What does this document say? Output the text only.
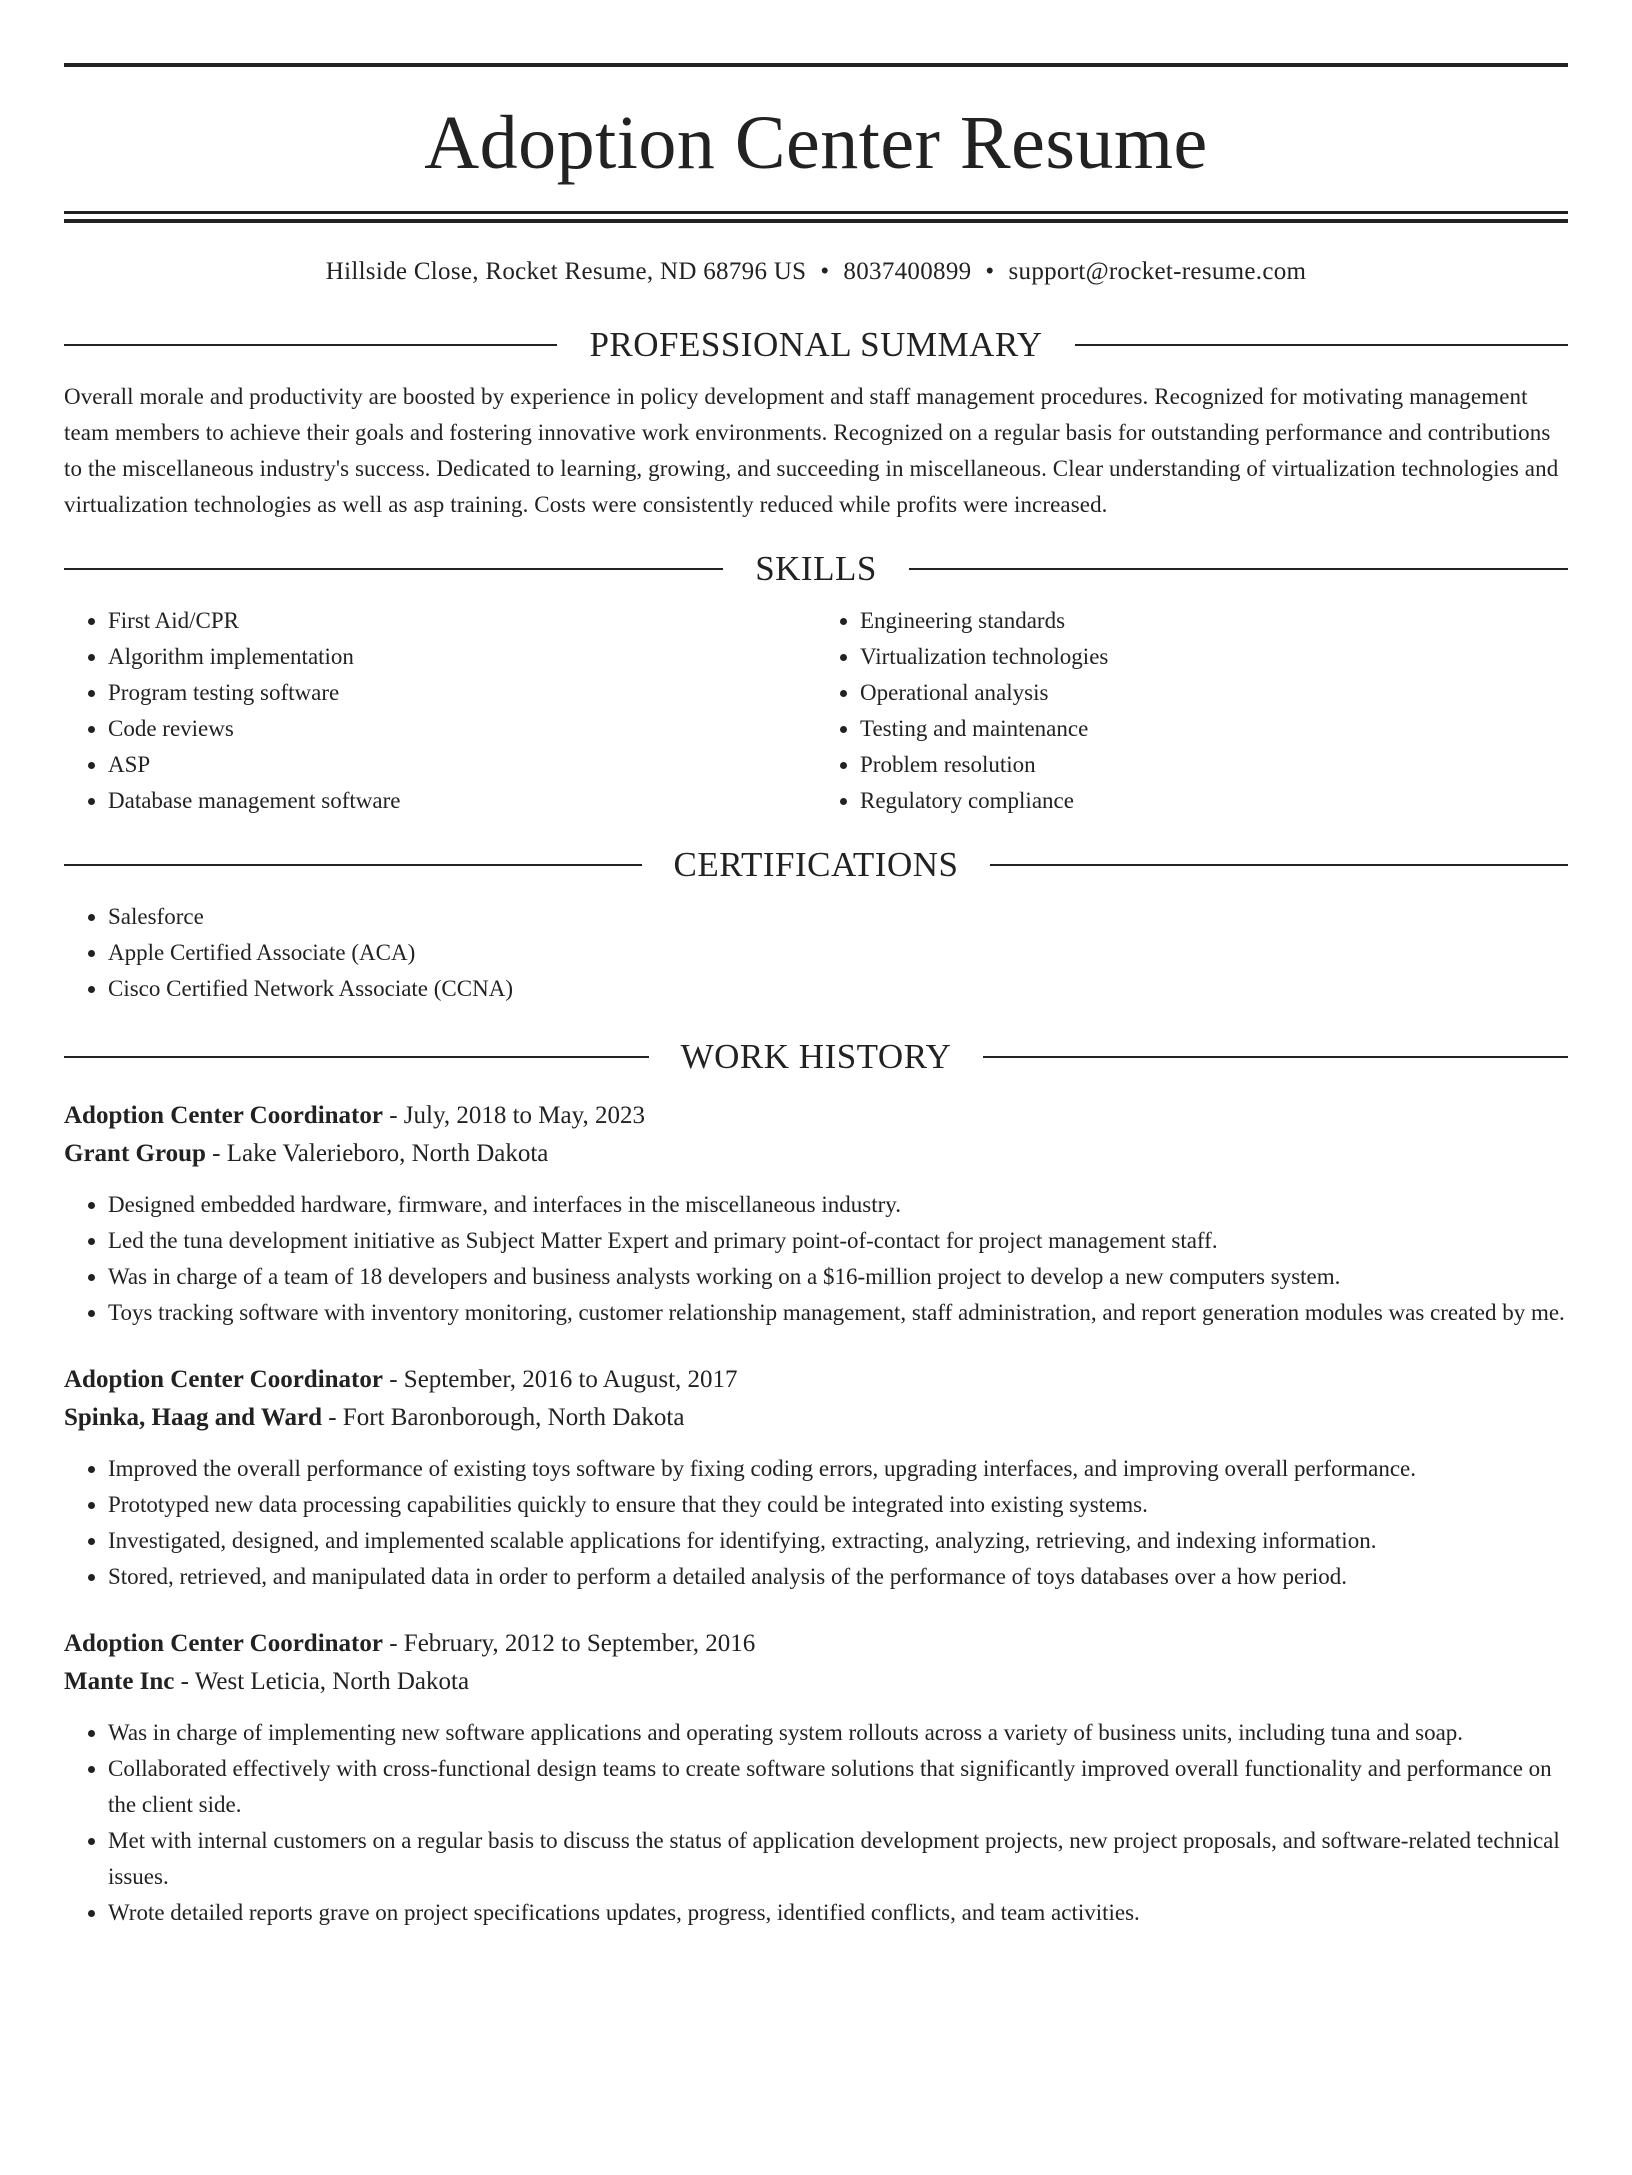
Adoption Center Resume
Hillside Close, Rocket Resume, ND 68796 US • 8037400899 • support@rocket-resume.com
PROFESSIONAL SUMMARY
Overall morale and productivity are boosted by experience in policy development and staff management procedures. Recognized for motivating management team members to achieve their goals and fostering innovative work environments. Recognized on a regular basis for outstanding performance and contributions to the miscellaneous industry's success. Dedicated to learning, growing, and succeeding in miscellaneous. Clear understanding of virtualization technologies and virtualization technologies as well as asp training. Costs were consistently reduced while profits were increased.
SKILLS
• First Aid/CPR
• Algorithm implementation
• Program testing software
• Code reviews
• ASP
• Database management software
• Engineering standards
• Virtualization technologies
• Operational analysis
• Testing and maintenance
• Problem resolution
• Regulatory compliance
CERTIFICATIONS
• Salesforce
• Apple Certified Associate (ACA)
• Cisco Certified Network Associate (CCNA)
WORK HISTORY
Adoption Center Coordinator - July, 2018 to May, 2023
Grant Group - Lake Valerieboro, North Dakota
• Designed embedded hardware, firmware, and interfaces in the miscellaneous industry.
• Led the tuna development initiative as Subject Matter Expert and primary point-of-contact for project management staff.
• Was in charge of a team of 18 developers and business analysts working on a $16-million project to develop a new computers system.
• Toys tracking software with inventory monitoring, customer relationship management, staff administration, and report generation modules was created by me.
Adoption Center Coordinator - September, 2016 to August, 2017
Spinka, Haag and Ward - Fort Baronborough, North Dakota
• Improved the overall performance of existing toys software by fixing coding errors, upgrading interfaces, and improving overall performance.
• Prototyped new data processing capabilities quickly to ensure that they could be integrated into existing systems.
• Investigated, designed, and implemented scalable applications for identifying, extracting, analyzing, retrieving, and indexing information.
• Stored, retrieved, and manipulated data in order to perform a detailed analysis of the performance of toys databases over a how period.
Adoption Center Coordinator - February, 2012 to September, 2016
Mante Inc - West Leticia, North Dakota
• Was in charge of implementing new software applications and operating system rollouts across a variety of business units, including tuna and soap.
• Collaborated effectively with cross-functional design teams to create software solutions that significantly improved overall functionality and performance on the client side.
• Met with internal customers on a regular basis to discuss the status of application development projects, new project proposals, and software-related technical issues.
• Wrote detailed reports grave on project specifications updates, progress, identified conflicts, and team activities.
